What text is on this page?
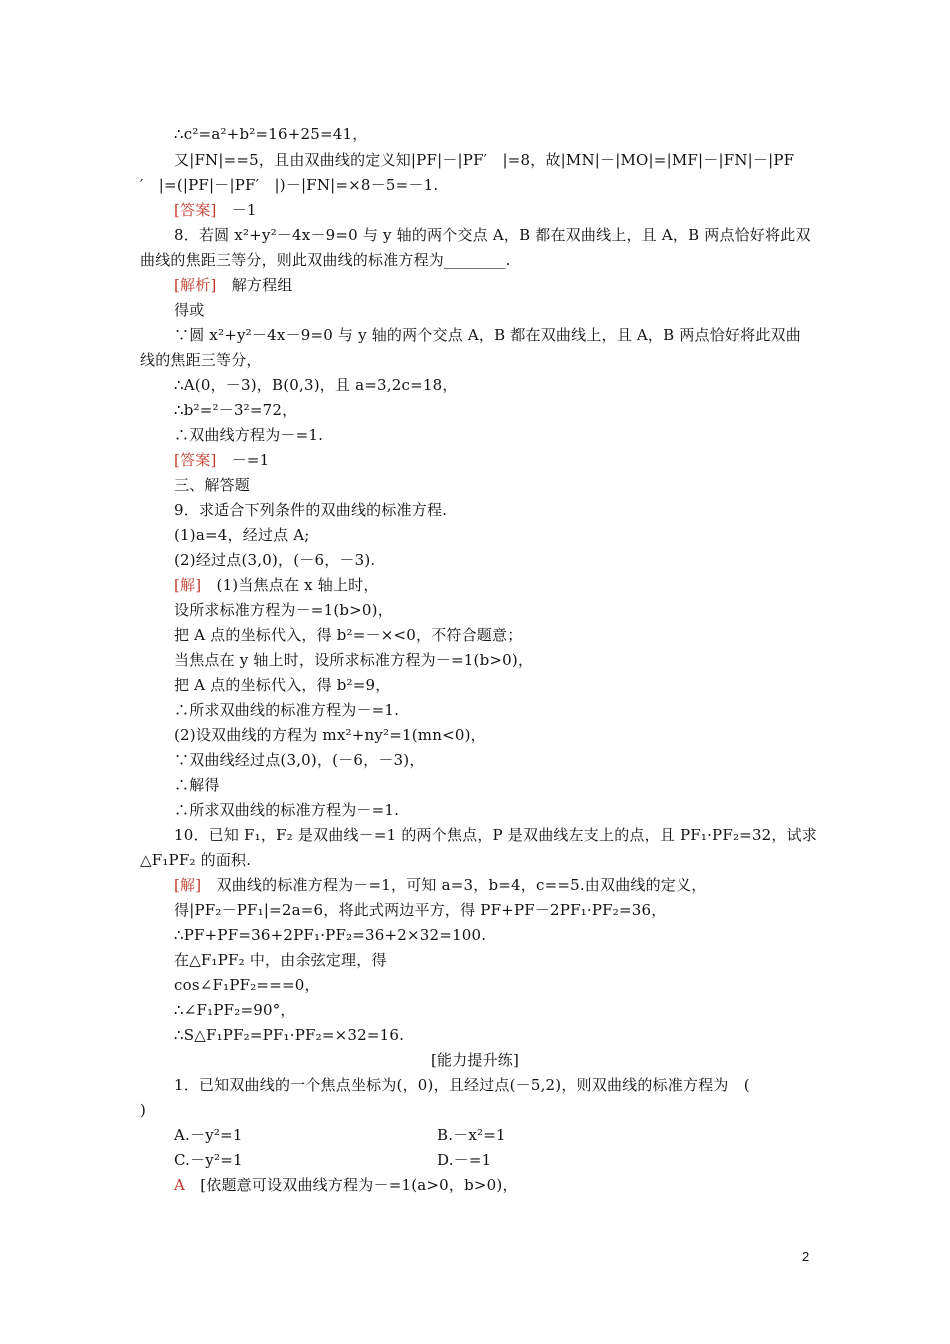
∴c²=a²+b²=16+25=41，
又|FN|==5，且由双曲线的定义知|PF|－|PF′　|=8，故|MN|－|MO|=|MF|－|FN|－|PF
′　|=(|PF|－|PF′　|)－|FN|=×8－5=－1.
[答案]　－1
8．若圆 x²+y²－4x－9=0 与 y 轴的两个交点 A，B 都在双曲线上，且 A，B 两点恰好将此双
曲线的焦距三等分，则此双曲线的标准方程为________.
[解析]　解方程组
得或
∵圆 x²+y²－4x－9=0 与 y 轴的两个交点 A，B 都在双曲线上，且 A，B 两点恰好将此双曲
线的焦距三等分，
∴A(0，－3)，B(0,3)，且 a=3,2c=18，
∴b²=²－3²=72，
∴双曲线方程为－=1.
[答案]　－=1
三、解答题
9．求适合下列条件的双曲线的标准方程.
(1)a=4，经过点 A;
(2)经过点(3,0)，(－6，－3).
[解]　(1)当焦点在 x 轴上时，
设所求标准方程为－=1(b>0)，
把 A 点的坐标代入，得 b²=－×<0，不符合题意；
当焦点在 y 轴上时，设所求标准方程为－=1(b>0)，
把 A 点的坐标代入，得 b²=9，
∴所求双曲线的标准方程为－=1.
(2)设双曲线的方程为 mx²+ny²=1(mn<0)，
∵双曲线经过点(3,0)，(－6，－3)，
∴解得
∴所求双曲线的标准方程为－=1.
10．已知 F₁，F₂ 是双曲线－=1 的两个焦点，P 是双曲线左支上的点，且 PF₁·PF₂=32，试求
△F₁PF₂ 的面积.
[解]　双曲线的标准方程为－=1，可知 a=3，b=4，c==5.由双曲线的定义，
得|PF₂－PF₁|=2a=6，将此式两边平方，得 PF+PF－2PF₁·PF₂=36，
∴PF+PF=36+2PF₁·PF₂=36+2×32=100.
在△F₁PF₂ 中，由余弦定理，得
cos∠F₁PF₂===0，
∴∠F₁PF₂=90°，
∴S△F₁PF₂=PF₁·PF₂=×32=16.
[能力提升练]
1．已知双曲线的一个焦点坐标为(，0)，且经过点(－5,2)，则双曲线的标准方程为　(
)
A.－y²=1	B.－x²=1
C.－y²=1	D.－=1
A　[依题意可设双曲线方程为－=1(a>0，b>0)，
2
